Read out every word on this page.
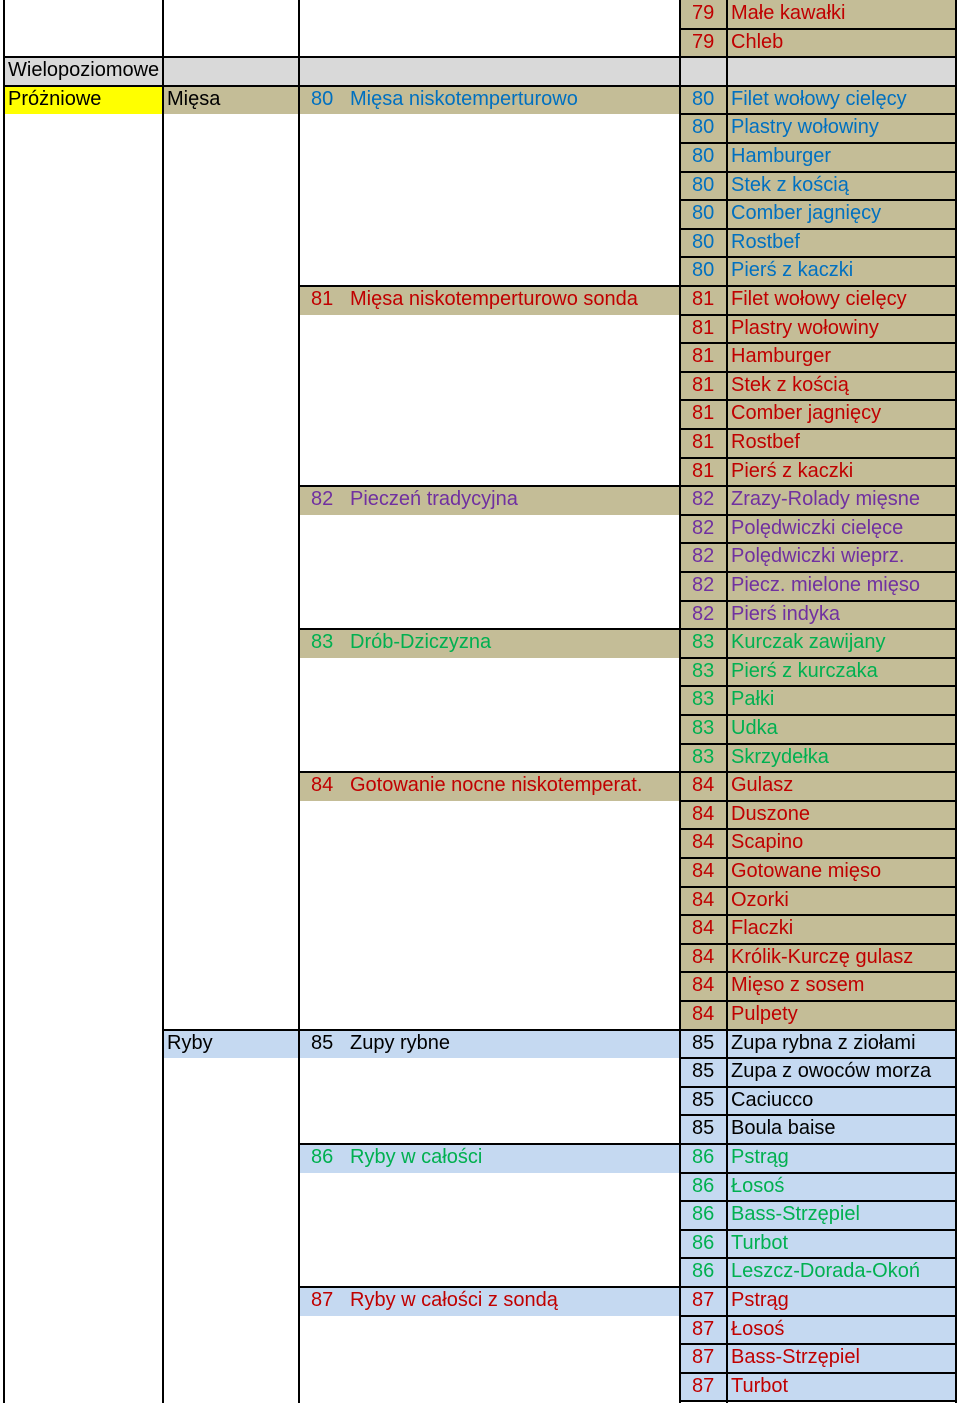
79 Małe kawałki
79 Chleb
Wielopoziomowe
Próżniowe	Mięsa	80 Mięsa niskotemperturowo	80 Filet wołowy cielęcy
80 Plastry wołowiny
80 Hamburger
80 Stek z kością
80 Comber jagnięcy
80 Rostbef
80 Pierś z kaczki
81 Mięsa niskotemperturowo sonda	81 Filet wołowy cielęcy
81 Plastry wołowiny
81 Hamburger
81 Stek z kością
81 Comber jagnięcy
81 Rostbef
81 Pierś z kaczki
82 Pieczeń tradycyjna	82 Zrazy-Rolady mięsne
82 Polędwiczki cielęce
82 Polędwiczki wieprz.
82 Piecz. mielone mięso
82 Pierś indyka
83 Drób-Dziczyzna	83 Kurczak zawijany
83 Pierś z kurczaka
83 Pałki
83 Udka
83 Skrzydełka
84 Gotowanie nocne niskotemperat.	84 Gulasz
84 Duszone
84 Scapino
84 Gotowane mięso
84 Ozorki
84 Flaczki
84 Królik-Kurczę gulasz
84 Mięso z sosem
84 Pulpety
Ryby	85 Zupy rybne	85 Zupa rybna z ziołami
85 Zupa z owoców morza
85 Caciucco
85 Boula baise
86 Ryby w całości	86 Pstrąg
86 Łosoś
86 Bass-Strzępiel
86 Turbot
86 Leszcz-Dorada-Okoń
87 Ryby w całości z sondą	87 Pstrąg
87 Łosoś
87 Bass-Strzępiel
87 Turbot
